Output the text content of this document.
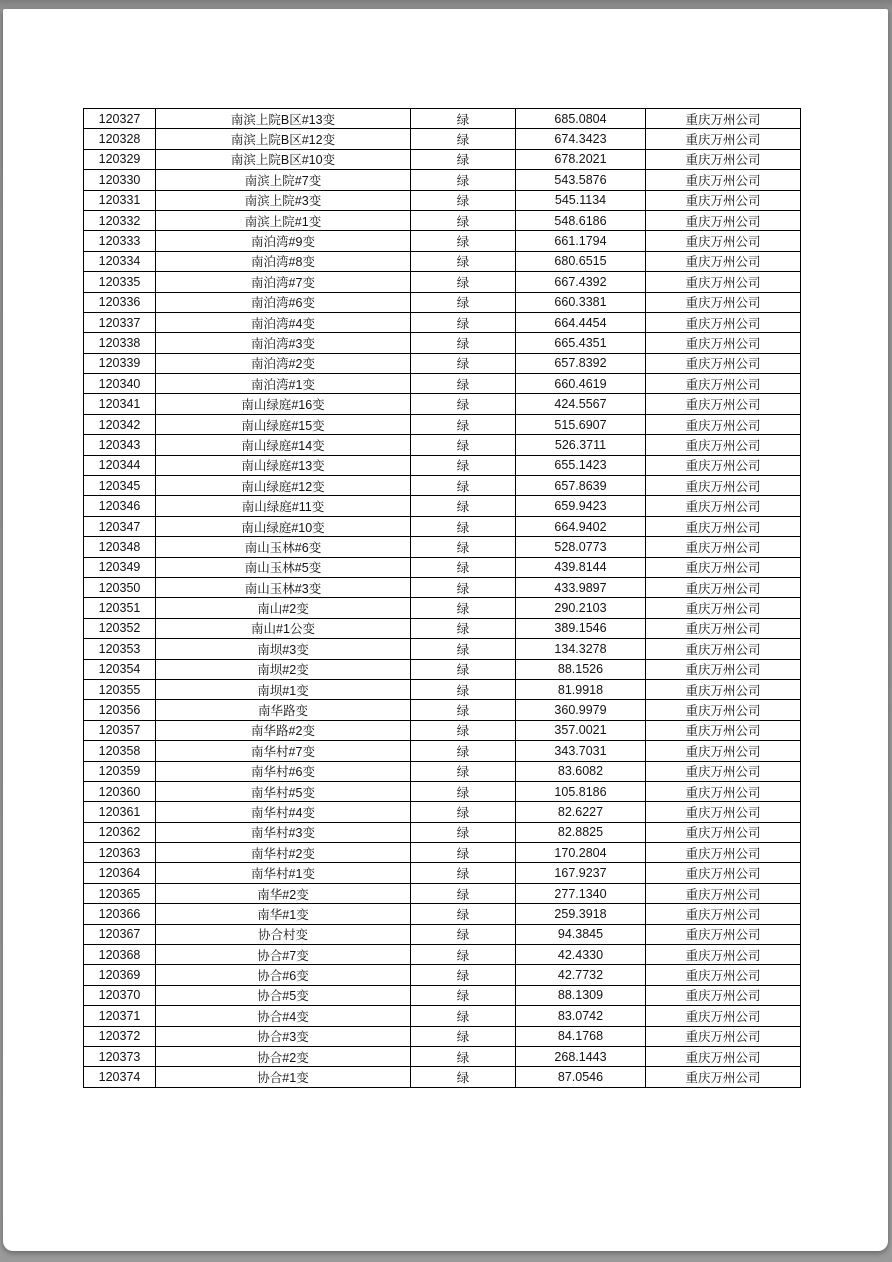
120327	南滨上院B区#13变	绿	685.0804	重庆万州公司
120328	南滨上院B区#12变	绿	674.3423	重庆万州公司
120329	南滨上院B区#10变	绿	678.2021	重庆万州公司
120330	南滨上院#7变	绿	543.5876	重庆万州公司
120331	南滨上院#3变	绿	545.1134	重庆万州公司
120332	南滨上院#1变	绿	548.6186	重庆万州公司
120333	南泊湾#9变	绿	661.1794	重庆万州公司
120334	南泊湾#8变	绿	680.6515	重庆万州公司
120335	南泊湾#7变	绿	667.4392	重庆万州公司
120336	南泊湾#6变	绿	660.3381	重庆万州公司
120337	南泊湾#4变	绿	664.4454	重庆万州公司
120338	南泊湾#3变	绿	665.4351	重庆万州公司
120339	南泊湾#2变	绿	657.8392	重庆万州公司
120340	南泊湾#1变	绿	660.4619	重庆万州公司
120341	南山绿庭#16变	绿	424.5567	重庆万州公司
120342	南山绿庭#15变	绿	515.6907	重庆万州公司
120343	南山绿庭#14变	绿	526.3711	重庆万州公司
120344	南山绿庭#13变	绿	655.1423	重庆万州公司
120345	南山绿庭#12变	绿	657.8639	重庆万州公司
120346	南山绿庭#11变	绿	659.9423	重庆万州公司
120347	南山绿庭#10变	绿	664.9402	重庆万州公司
120348	南山玉林#6变	绿	528.0773	重庆万州公司
120349	南山玉林#5变	绿	439.8144	重庆万州公司
120350	南山玉林#3变	绿	433.9897	重庆万州公司
120351	南山#2变	绿	290.2103	重庆万州公司
120352	南山#1公变	绿	389.1546	重庆万州公司
120353	南坝#3变	绿	134.3278	重庆万州公司
120354	南坝#2变	绿	88.1526	重庆万州公司
120355	南坝#1变	绿	81.9918	重庆万州公司
120356	南华路变	绿	360.9979	重庆万州公司
120357	南华路#2变	绿	357.0021	重庆万州公司
120358	南华村#7变	绿	343.7031	重庆万州公司
120359	南华村#6变	绿	83.6082	重庆万州公司
120360	南华村#5变	绿	105.8186	重庆万州公司
120361	南华村#4变	绿	82.6227	重庆万州公司
120362	南华村#3变	绿	82.8825	重庆万州公司
120363	南华村#2变	绿	170.2804	重庆万州公司
120364	南华村#1变	绿	167.9237	重庆万州公司
120365	南华#2变	绿	277.1340	重庆万州公司
120366	南华#1变	绿	259.3918	重庆万州公司
120367	协合村变	绿	94.3845	重庆万州公司
120368	协合#7变	绿	42.4330	重庆万州公司
120369	协合#6变	绿	42.7732	重庆万州公司
120370	协合#5变	绿	88.1309	重庆万州公司
120371	协合#4变	绿	83.0742	重庆万州公司
120372	协合#3变	绿	84.1768	重庆万州公司
120373	协合#2变	绿	268.1443	重庆万州公司
120374	协合#1变	绿	87.0546	重庆万州公司
